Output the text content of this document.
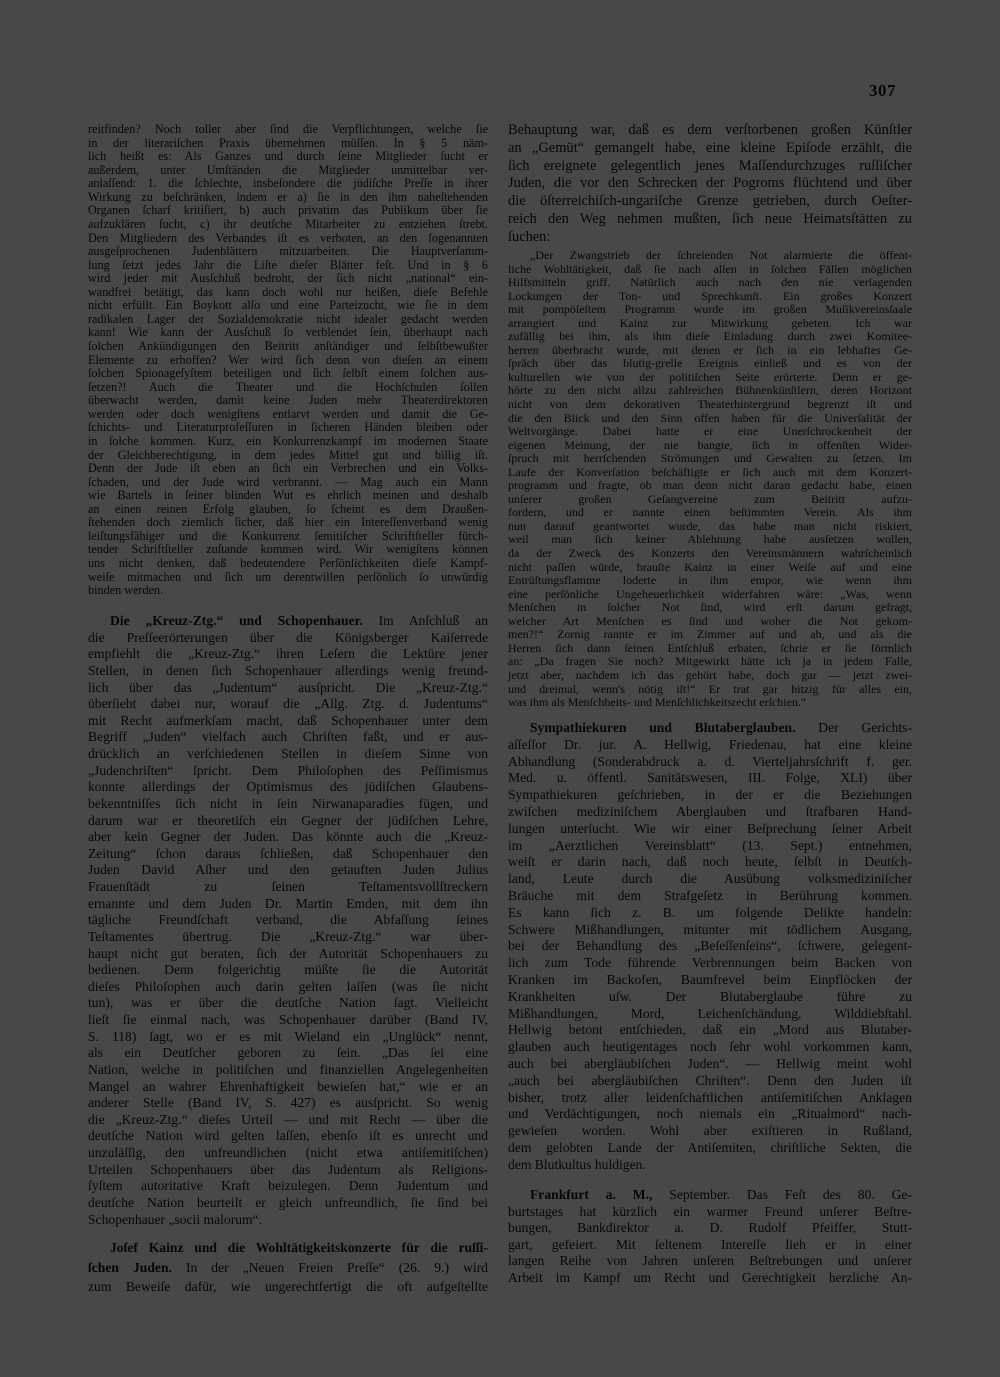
307
reitfinden? Noch toller aber ſind die Verpflichtungen, welche ſie
in der literariſchen Praxis übernehmen müſſen. In § 5 näm-
lich heißt es: Als Ganzes und durch ſeine Mitglieder ſucht er
außerdem, unter Umſtänden die Mitglieder unmittelbar ver-
anlaſſend: 1. die ſchlechte, insbeſondere die jüdiſche Preſſe in ihrer
Wirkung zu beſchränken, indem er a) ſie in den ihm naheſtehenden
Organen ſcharf kritiſiert, b) auch privatim das Publikum über ſie
aufzuklären ſucht, c) ihr deutſche Mitarbeiter zu entziehen ſtrebt.
Den Mitgliedern des Verbandes iſt es verboten, an den ſogenannten
ausgeſprochenen Judenblättern mitzuarbeiten. Die Hauptverſamm-
lung ſetzt jedes Jahr die Liſte dieſer Blätter feſt. Und in § 6
wird jeder mit Ausſchluß bedroht, der ſich nicht „national“ ein-
wandfrei betätigt, das kann doch wohl nur heißen, dieſe Befehle
nicht erfüllt. Ein Boykott alſo und eine Parteizucht, wie ſie in dem
radikalen Lager der Sozialdemokratie nicht idealer gedacht werden
kann! Wie kann der Ausſchuß ſo verblendet ſein, überhaupt nach
ſolchen Ankündigungen den Beitritt anſtändiger und ſelbſtbewußter
Elemente zu erhoffen? Wer wird ſich denn von dieſen an einem
ſolchen Spionageſyſtem beteiligen und ſich ſelbſt einem ſolchen aus-
ſetzen?! Auch die Theater und die Hochſchulen ſollen
überwacht werden, damit keine Juden mehr Theaterdirektoren
werden oder doch wenigſtens entlarvt werden und damit die Ge-
ſchichts- und Literaturprofeſſuren in ſicheren Händen bleiben oder
in ſolche kommen. Kurz, ein Konkurrenzkampf im modernen Staate
der Gleichberechtigung, in dem jedes Mittel gut und billig iſt.
Denn der Jude iſt eben an ſich ein Verbrechen und ein Volks-
ſchaden, und der Jude wird verbrannt. — Mag auch ein Mann
wie Bartels in ſeiner blinden Wut es ehrlich meinen und deshalb
an einen reinen Erfolg glauben, ſo ſcheint es dem Draußen-
ſtehenden doch ziemlich ſicher, daß hier ein Intereſſenverband wenig
leiſtungsfähiger und die Konkurrenz ſemitiſcher Schriftſteller fürch-
tender Schriftſteller zuſtande kommen wird. Wir wenigſtens können
uns nicht denken, daß bedeutendere Perſönlichkeiten dieſe Kampf-
weiſe mitmachen und ſich um derentwillen perſönlich ſo unwürdig
binden werden.
Die „Kreuz-Ztg.“ und Schopenhauer. Im Anſchluß an
die Preſſeerörterungen über die Königsberger Kaiſerrede
empfiehlt die „Kreuz-Ztg.“ ihren Leſern die Lektüre jener
Stellen, in denen ſich Schopenhauer allerdings wenig freund-
lich über das „Judentum“ ausſpricht. Die „Kreuz-Ztg.“
überſieht dabei nur, worauf die „Allg. Ztg. d. Judentums“
mit Recht aufmerkſam macht, daß Schopenhauer unter dem
Begriff „Juden“ vielfach auch Chriſten faßt, und er aus-
drücklich an verſchiedenen Stellen in dieſem Sinne von
„Judenchriſten“ ſpricht. Dem Philoſophen des Peſſimismus
konnte allerdings der Optimismus des jüdiſchen Glaubens-
bekenntniſſes ſich nicht in ſein Nirwanaparadies fügen, und
darum war er theoretiſch ein Gegner der jüdiſchen Lehre,
aber kein Gegner der Juden. Das könnte auch die „Kreuz-
Zeitung“ ſchon daraus ſchließen, daß Schopenhauer den
Juden David Aſher und den getauften Juden Julius
Frauenſtädt zu ſeinen Teſtamentsvollſtreckern
ernannte und dem Juden Dr. Martin Emden, mit dem ihn
tägliche Freundſchaft verband, die Abfaſſung ſeines
Teſtamentes übertrug. Die „Kreuz-Ztg.“ war über-
haupt nicht gut beraten, ſich der Autorität Schopenhauers zu
bedienen. Denn folgerichtig müßte ſie die Autorität
dieſes Philoſophen auch darin gelten laſſen (was ſie nicht
tun), was er über die deutſche Nation ſagt. Vielleicht
lieſt ſie einmal nach, was Schopenhauer darüber (Band IV,
S. 118) ſagt, wo er es mit Wieland ein „Unglück“ nennt,
als ein Deutſcher geboren zu ſein. „Das ſei eine
Nation, welche in politiſchen und finanziellen Angelegenheiten
Mangel an wahrer Ehrenhaftigkeit bewieſen hat,“ wie er an
anderer Stelle (Band IV, S. 427) es ausſpricht. So wenig
die „Kreuz-Ztg.“ dieſes Urteil — und mit Recht — über die
deutſche Nation wird gelten laſſen, ebenſo iſt es unrecht und
unzuläſſig, den unfreundlichen (nicht etwa antiſemitiſchen)
Urteilen Schopenhauers über das Judentum als Religions-
ſyſtem autoritative Kraft beizulegen. Denn Judentum und
deutſche Nation beurteilt er gleich unfreundlich, ſie ſind bei
Schopenhauer „socii malorum“.
Joſef Kainz und die Wohltätigkeitskonzerte für die ruſſi-
ſchen Juden. In der „Neuen Freien Preſſe“ (26. 9.) wird
zum Beweiſe dafür, wie ungerechtfertigt die oft aufgeſtellte
Behauptung war, daß es dem verſtorbenen großen Künſtler
an „Gemüt“ gemangelt habe, eine kleine Epiſode erzählt, die
ſich ereignete gelegentlich jenes Maſſendurchzuges ruſſiſcher
Juden, die vor den Schrecken der Pogroms flüchtend und über
die öſterreichiſch-ungariſche Grenze getrieben, durch Oeſter-
reich den Weg nehmen mußten, ſich neue Heimatsſtätten zu
ſuchen:
„Der Zwangstrieb der ſchreienden Not alarmierte die öffent-
liche Wohltätigkeit, daß ſie nach allen in ſolchen Fällen möglichen
Hilfsmitteln griff. Natürlich auch nach den nie verſagenden
Lockungen der Ton- und Sprechkunſt. Ein großes Konzert
mit pompöſeſtem Programm wurde im großen Muſikvereinsſaale
arrangiert und Kainz zur Mitwirkung gebeten. Ich war
zufällig bei ihm, als ihm dieſe Einladung durch zwei Komitee-
herren überbracht wurde, mit denen er ſich in ein lebhaftes Ge-
ſpräch über das blutig-grelle Ereignis einließ und es von der
kulturellen wie von der politiſchen Seite erörterte. Denn er ge-
hörte zu den nicht allzu zahlreichen Bühnenkünſtlern, deren Horizont
nicht von dem dekorativen Theaterhintergrund begrenzt iſt und
die den Blick und den Sinn offen haben für die Univerſalität der
Weltvorgänge. Dabei hatte er eine Unerſchrockenheit der
eigenen Meinung, der nie bangte, ſich in offenſten Wider-
ſpruch mit herrſchenden Strömungen und Gewalten zu ſetzen. Im
Laufe der Konverſation beſchäftigte er ſich auch mit dem Konzert-
programm und fragte, ob man denn nicht daran gedacht habe, einen
unſerer großen Geſangvereine zum Beitritt aufzu-
fordern, und er nannte einen beſtimmten Verein. Als ihm
nun darauf geantwortet wurde, das habe man nicht riskiert,
weil man ſich keiner Ablehnung habe ausſetzen wollen,
da der Zweck des Konzerts den Vereinsmännern wahrſcheinlich
nicht paſſen würde, brauſte Kainz in einer Weiſe auf und eine
Entrüſtungsflamme loderte in ihm empor, wie wenn ihm
eine perſönliche Ungeheuerlichkeit widerfahren wäre: „Was, wenn
Menſchen in ſolcher Not ſind, wird erſt darum gefragt,
welcher Art Menſchen es ſind und woher die Not gekom-
men?!“ Zornig rannte er im Zimmer auf und ab, und als die
Herren ſich dann ſeinen Entſchluß erbaten, ſchrie er ſie förmlich
an: „Da fragen Sie noch? Mitgewirkt hätte ich ja in jedem Falle,
jetzt aber, nachdem ich das gehört habe, doch gar — jetzt zwei-
und dreimal, wenn's nötig iſt!“ Er trat gar hitzig für alles ein,
was ihm als Menſchheits- und Menſchlichkeitsrecht erſchien.“
Sympathiekuren und Blutaberglauben. Der Gerichts-
aſſeſſor Dr. jur. A. Hellwig, Friedenau, hat eine kleine
Abhandlung (Sonderabdruck a. d. Vierteljahrsſchrift f. ger.
Med. u. öffentl. Sanitätswesen, III. Folge, XLI) über
Sympathiekuren geſchrieben, in der er die Beziehungen
zwiſchen mediziniſchem Aberglauben und ſtrafbaren Hand-
lungen unterſucht. Wie wir einer Beſprechung ſeiner Arbeit
im „Aerztlichen Vereinsblatt“ (13. Sept.) entnehmen,
weiſt er darin nach, daß noch heute, ſelbſt in Deutſch-
land, Leute durch die Ausübung volksmediziniſcher
Bräuche mit dem Strafgeſetz in Berührung kommen.
Es kann ſich z. B. um folgende Delikte handeln:
Schwere Mißhandlungen, mitunter mit tödlichem Ausgang,
bei der Behandlung des „Beſeſſenſeins“, ſchwere, gelegent-
lich zum Tode führende Verbrennungen beim Backen von
Kranken im Backofen, Baumfrevel beim Einpflöcken der
Krankheiten uſw. Der Blutaberglaube führe zu
Mißhandlungen, Mord, Leichenſchändung, Wilddiebſtahl.
Hellwig betont entſchieden, daß ein „Mord aus Blutaber-
glauben auch heutigentages noch ſehr wohl vorkommen kann,
auch bei abergläubiſchen Juden“. — Hellwig meint wohl
„auch bei abergläubiſchen Chriſten“. Denn den Juden iſt
bisher, trotz aller leidenſchaftlichen antiſemitiſchen Anklagen
und Verdächtigungen, noch niemals ein „Ritualmord“ nach-
gewieſen worden. Wohl aber exiſtieren in Rußland,
dem gelobten Lande der Antiſemiten, chriſtliche Sekten, die
dem Blutkultus huldigen.
Frankfurt a. M., September. Das Feſt des 80. Ge-
burtstages hat kürzlich ein warmer Freund unſerer Beſtre-
bungen, Bankdirektor a. D. Rudolf Pfeiffer, Stutt-
gart, gefeiert. Mit ſeltenem Intereſſe lieh er in einer
langen Reihe von Jahren unſeren Beſtrebungen und unſerer
Arbeit im Kampf um Recht und Gerechtigkeit herzliche An-
